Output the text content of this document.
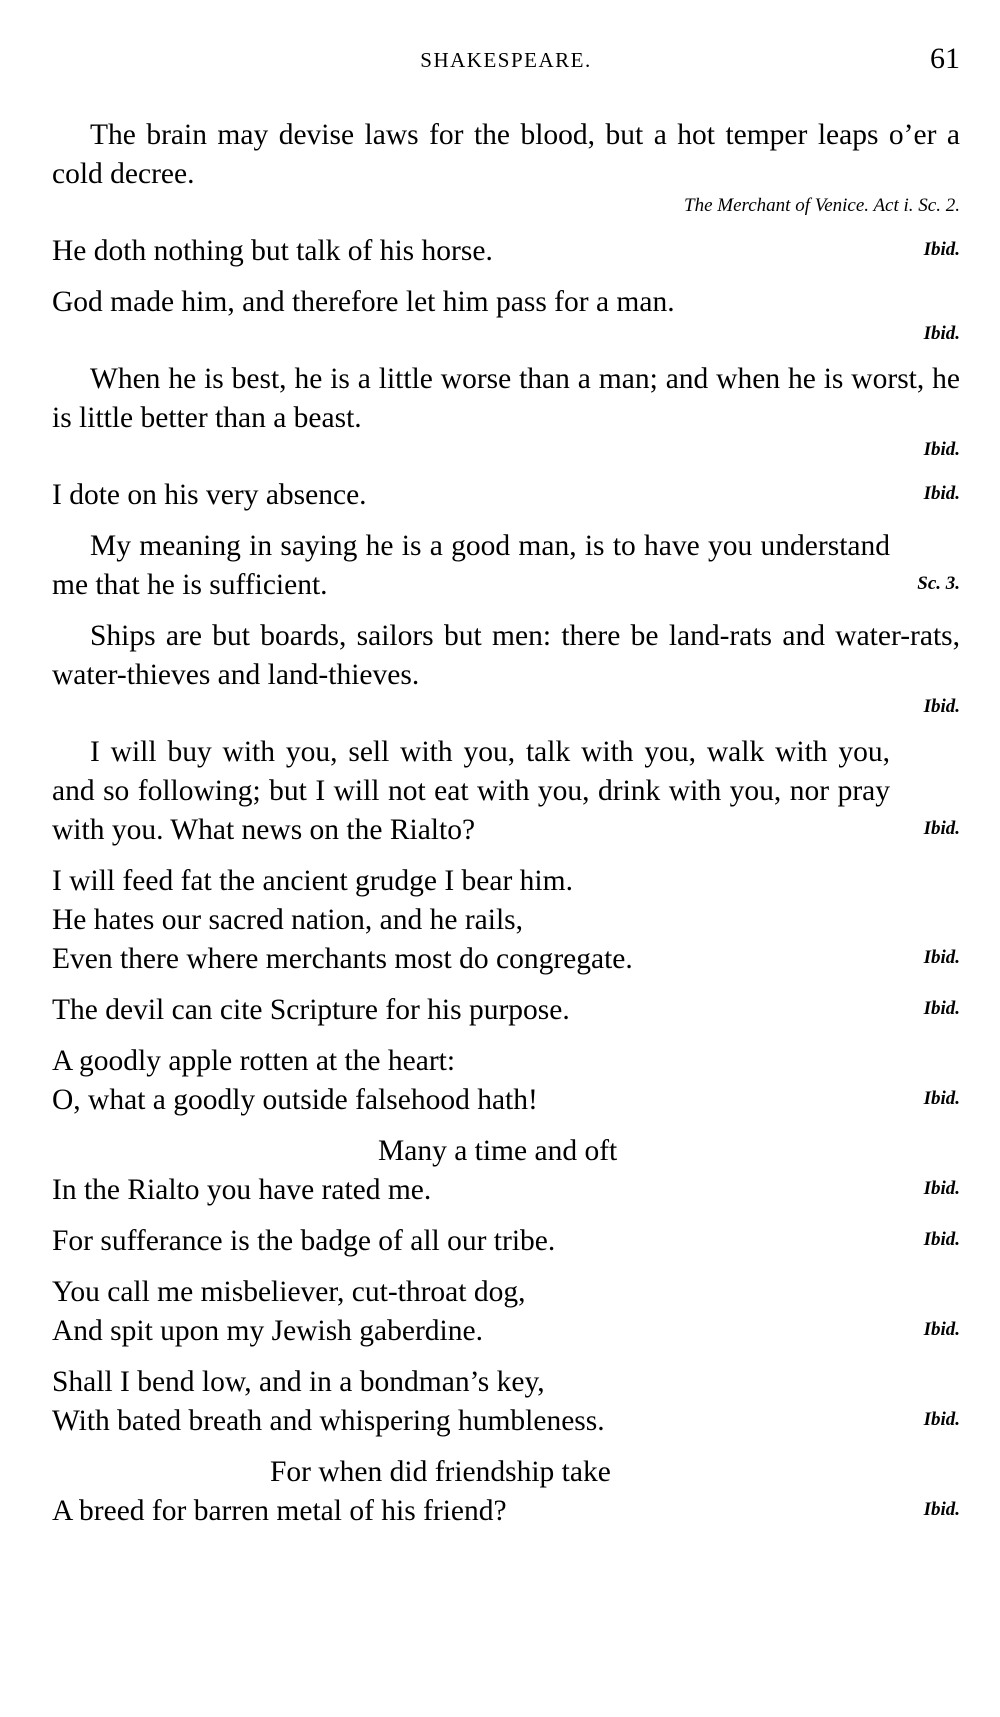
SHAKESPEARE.	61
The brain may devise laws for the blood, but a hot temper leaps o’er a cold decree.
The Merchant of Venice. Act i. Sc. 2.
He doth nothing but talk of his horse.	Ibid.
God made him, and therefore let him pass for a man.
Ibid.
When he is best, he is a little worse than a man; and when he is worst, he is little better than a beast.
Ibid.
I dote on his very absence.	Ibid.
My meaning in saying he is a good man, is to have you understand me that he is sufficient.	Sc. 3.
Ships are but boards, sailors but men: there be land-rats and water-rats, water-thieves and land-thieves.
Ibid.
I will buy with you, sell with you, talk with you, walk with you, and so following; but I will not eat with you, drink with you, nor pray with you. What news on the Rialto?	Ibid.
I will feed fat the ancient grudge I bear him.
He hates our sacred nation, and he rails,
Even there where merchants most do congregate.	Ibid.
The devil can cite Scripture for his purpose.	Ibid.
A goodly apple rotten at the heart:
O, what a goodly outside falsehood hath!	Ibid.
Many a time and oft
In the Rialto you have rated me.	Ibid.
For sufferance is the badge of all our tribe.	Ibid.
You call me misbeliever, cut-throat dog,
And spit upon my Jewish gaberdine.	Ibid.
Shall I bend low, and in a bondman’s key,
With bated breath and whispering humbleness.	Ibid.
For when did friendship take
A breed for barren metal of his friend?	Ibid.
